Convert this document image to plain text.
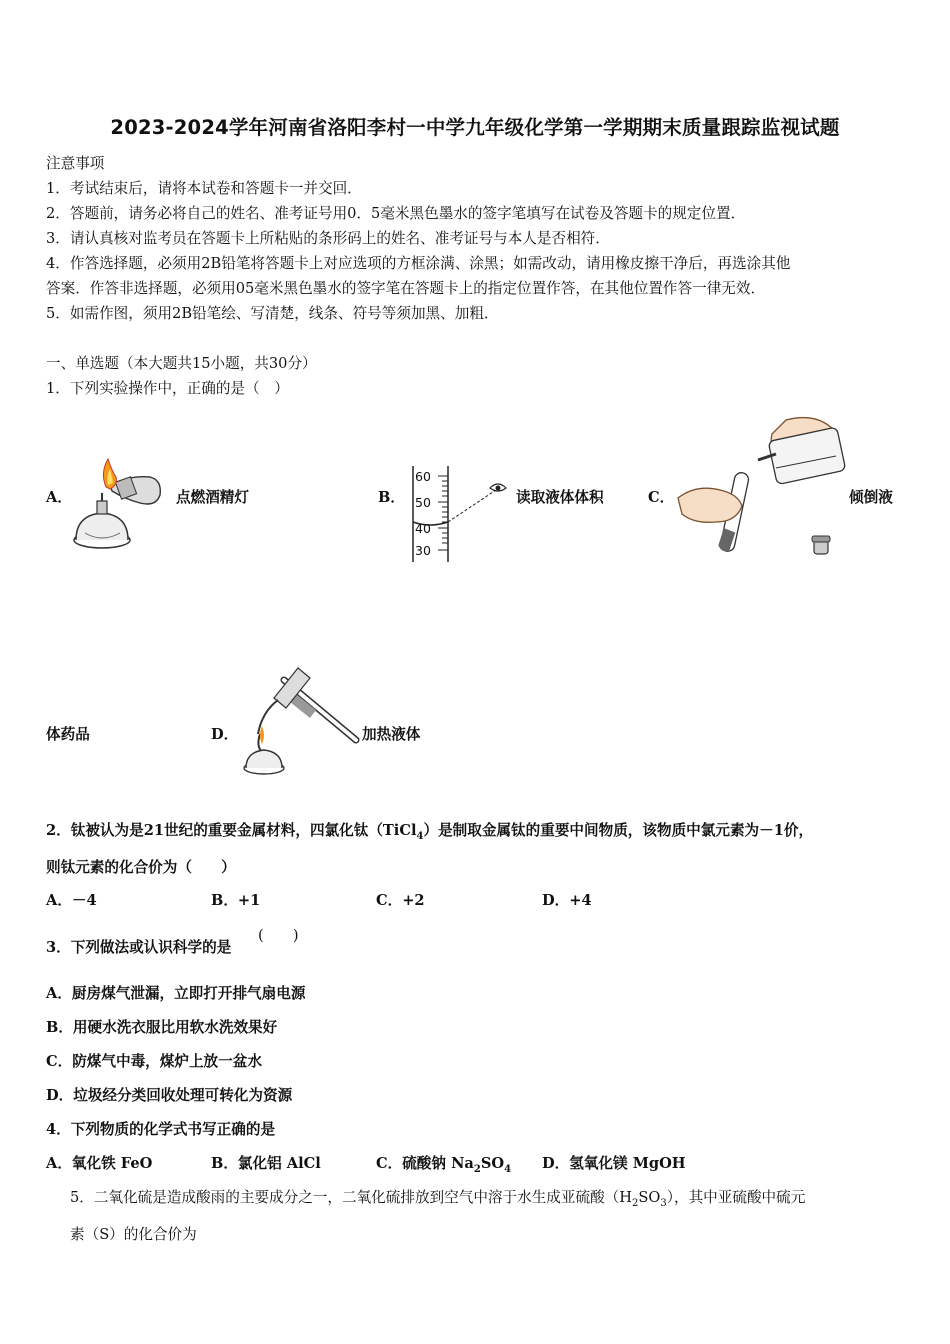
2023-2024学年河南省洛阳李村一中学九年级化学第一学期期末质量跟踪监视试题
注意事项
1．考试结束后，请将本试卷和答题卡一并交回．
2．答题前，请务必将自己的姓名、准考证号用0．5毫米黑色墨水的签字笔填写在试卷及答题卡的规定位置．
3．请认真核对监考员在答题卡上所粘贴的条形码上的姓名、准考证号与本人是否相符．
4．作答选择题，必须用2B铅笔将答题卡上对应选项的方框涂满、涂黑；如需改动，请用橡皮擦干净后，再选涂其他
答案．作答非选择题，必须用05毫米黑色墨水的签字笔在答题卡上的指定位置作答，在其他位置作答一律无效．
5．如需作图，须用2B铅笔绘、写清楚，线条、符号等须加黑、加粗．
一、单选题（本大题共15小题，共30分）
1．下列实验操作中，正确的是（　）
A．	点燃酒精灯	B．
60
50
40
30
读取液体体积	C．	倾倒液
体药品	D．	加热液体
2．钛被认为是21世纪的重要金属材料，四氯化钛（TiCl$_4$）是制取金属钛的重要中间物质，该物质中氯元素为－1价，
则钛元素的化合价为（　　）
A．－4	B．+1	C．+2	D．+4
3．下列做法或认识科学的是
(　　)
A．厨房煤气泄漏，立即打开排气扇电源
B．用硬水洗衣服比用软水洗效果好
C．防煤气中毒，煤炉上放一盆水
D．垃圾经分类回收处理可转化为资源
4．下列物质的化学式书写正确的是
A．氧化铁 FeO	B．氯化铝 AlCl	C．硫酸钠 $Na_2SO_4$ D．氢氧化镁 MgOH
5．二氧化硫是造成酸雨的主要成分之一，二氧化硫排放到空气中溶于水生成亚硫酸$(H_2SO_3)$，其中亚硫酸中硫元
素（S）的化合价为
